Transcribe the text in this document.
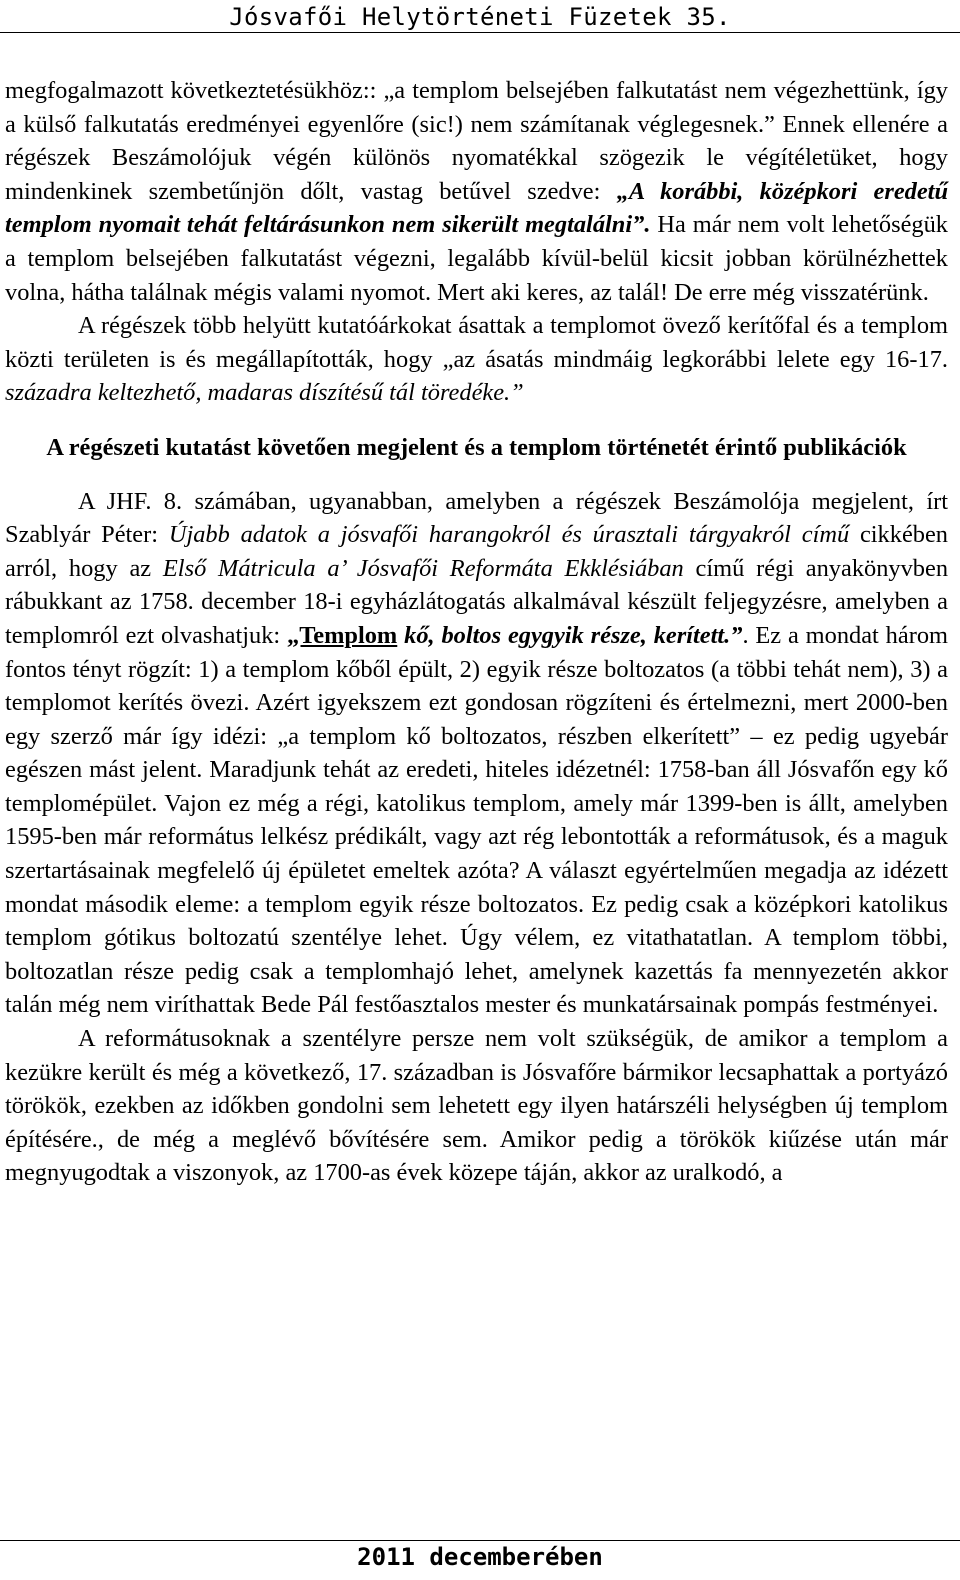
Jósvafői Helytörténeti Füzetek 35.

megfogalmazott következtetésükhöz:: „a templom belsejében falkutatást nem végezhettünk, így a külső falkutatás eredményei egyenlőre (sic!) nem számítanak véglegesnek.” Ennek ellenére a régészek Beszámolójuk végén különös nyomatékkal szögezik le végítéletüket, hogy mindenkinek szembetűnjön dőlt, vastag betűvel szedve: „A korábbi, középkori eredetű templom nyomait tehát feltárásunkon nem sikerült megtalálni”. Ha már nem volt lehetőségük a templom belsejében falkutatást végezni, legalább kívül-belül kicsit jobban körülnézhettek volna, hátha találnak mégis valami nyomot. Mert aki keres, az talál! De erre még visszatérünk.

A régészek több helyütt kutatóárkokat ásattak a templomot övező kerítőfal és a templom közti területen is és megállapították, hogy „az ásatás mindmáig legkorábbi lelete egy 16-17. századra keltezhető, madaras díszítésű tál töredéke.”

A régészeti kutatást követően megjelent és a templom történetét érintő publikációk

A JHF. 8. számában, ugyanabban, amelyben a régészek Beszámolója megjelent, írt Szablyár Péter: Újabb adatok a jósvafői harangokról és úrasztali tárgyakról című cikkében arról, hogy az Első Mátricula a’ Jósvafői Reformáta Ekklésiában című régi anyakönyvben rábukkant az 1758. december 18-i egyházlátogatás alkalmával készült feljegyzésre, amelyben a templomról ezt olvashatjuk: „Templom kő, boltos egygyik része, kerített.”. Ez a mondat három fontos tényt rögzít: 1) a templom kőből épült, 2) egyik része boltozatos (a többi tehát nem), 3) a templomot kerítés övezi. Azért igyekszem ezt gondosan rögzíteni és értelmezni, mert 2000-ben egy szerző már így idézi: „a templom kő boltozatos, részben elkerített” – ez pedig ugyebár egészen mást jelent. Maradjunk tehát az eredeti, hiteles idézetnél: 1758-ban áll Jósvafőn egy kő templomépület. Vajon ez még a régi, katolikus templom, amely már 1399-ben is állt, amelyben 1595-ben már református lelkész prédikált, vagy azt rég lebontották a reformátusok, és a maguk szertartásainak megfelelő új épületet emeltek azóta? A választ egyértelműen megadja az idézett mondat második eleme: a templom egyik része boltozatos. Ez pedig csak a középkori katolikus templom gótikus boltozatú szentélye lehet. Úgy vélem, ez vitathatatlan. A templom többi, boltozatlan része pedig csak a templomhajó lehet, amelynek kazettás fa mennyezetén akkor talán még nem viríthattak Bede Pál festőasztalos mester és munkatársainak pompás festményei.

A reformátusoknak a szentélyre persze nem volt szükségük, de amikor a templom a kezükre került és még a következő, 17. században is Jósvafőre bármikor lecsaphattak a portyázó törökök, ezekben az időkben gondolni sem lehetett egy ilyen határszéli helységben új templom építésére., de még a meglévő bővítésére sem. Amikor pedig a törökök kiűzése után már megnyugodtak a viszonyok, az 1700-as évek közepe táján, akkor az uralkodó, a

2011 decemberében
